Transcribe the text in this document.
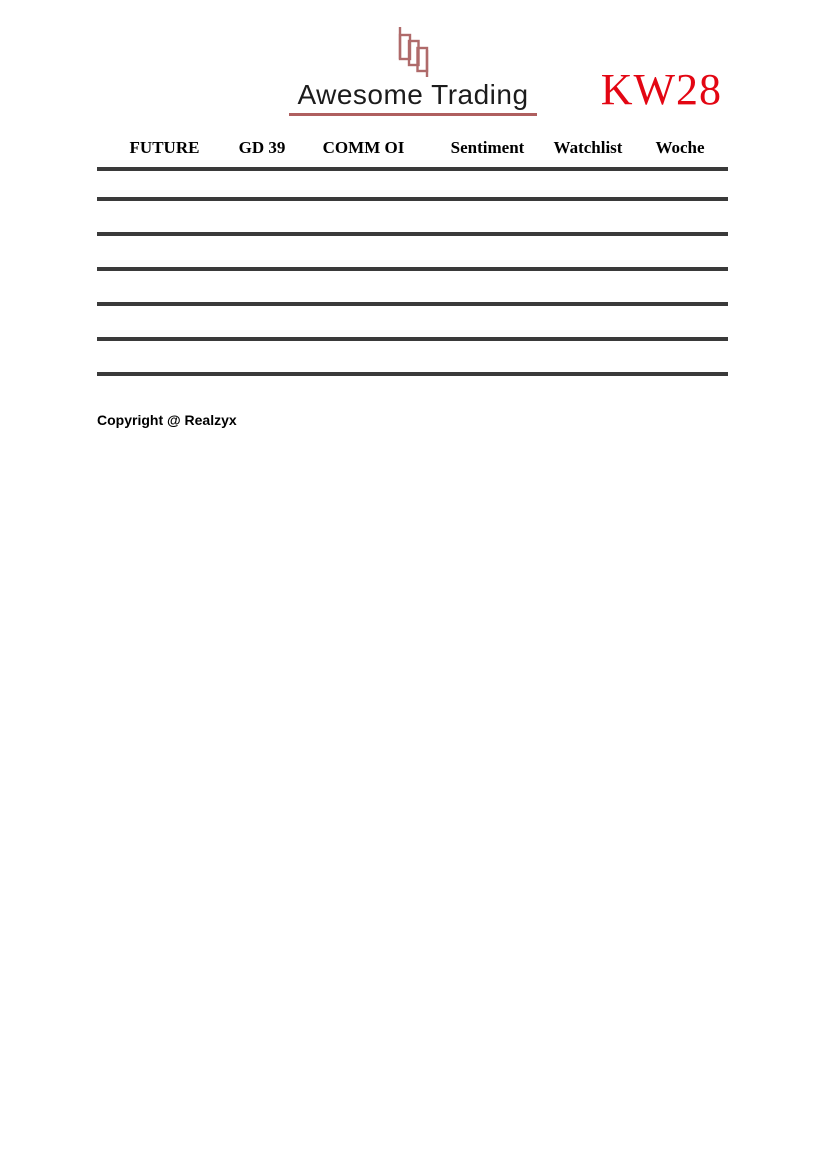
Awesome Trading KW28
FUTURE	GD 39	COMM OI	Sentiment	Watchlist	Woche
Copyright @ Realzyx
